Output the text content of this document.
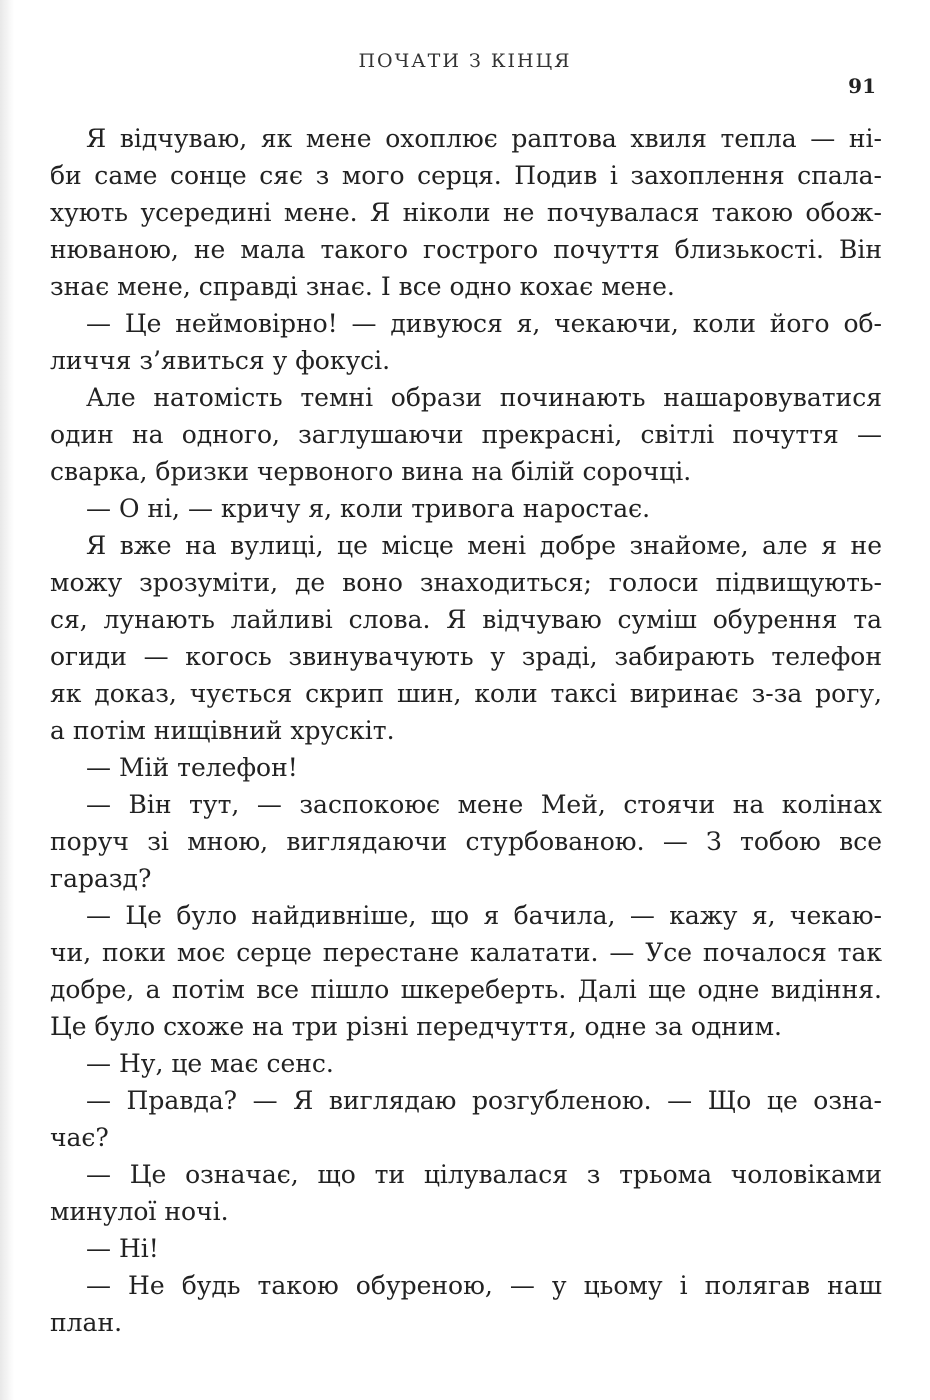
ПОЧАТИ З КІНЦЯ
91
Я відчуваю, як мене охоплює раптова хвиля тепла — ні-
би саме сонце сяє з мого серця. Подив і захоплення спала-
хують усередині мене. Я ніколи не почувалася такою обож-
нюваною, не мала такого гострого почуття близькості. Він
знає мене, справді знає. І все одно кохає мене.
— Це неймовірно! — дивуюся я, чекаючи, коли його об-
личчя з’явиться у фокусі.
Але натомість темні образи починають нашаровуватися
один на одного, заглушаючи прекрасні, світлі почуття —
сварка, бризки червоного вина на білій сорочці.
— О ні, — кричу я, коли тривога наростає.
Я вже на вулиці, це місце мені добре знайоме, але я не
можу зрозуміти, де воно знаходиться; голоси підвищують-
ся, лунають лайливі слова. Я відчуваю суміш обурення та
огиди — когось звинувачують у зраді, забирають телефон
як доказ, чується скрип шин, коли таксі виринає з-за рогу,
а потім нищівний хрускіт.
— Мій телефон!
— Він тут, — заспокоює мене Мей, стоячи на колінах
поруч зі мною, виглядаючи стурбованою. — З тобою все
гаразд?
— Це було найдивніше, що я бачила, — кажу я, чекаю-
чи, поки моє серце перестане калатати. — Усе почалося так
добре, а потім все пішло шкереберть. Далі ще одне видіння.
Це було схоже на три різні передчуття, одне за одним.
— Ну, це має сенс.
— Правда? — Я виглядаю розгубленою. — Що це озна-
чає?
— Це означає, що ти цілувалася з трьома чоловіками
минулої ночі.
— Ні!
— Не будь такою обуреною, — у цьому і полягав наш
план.
